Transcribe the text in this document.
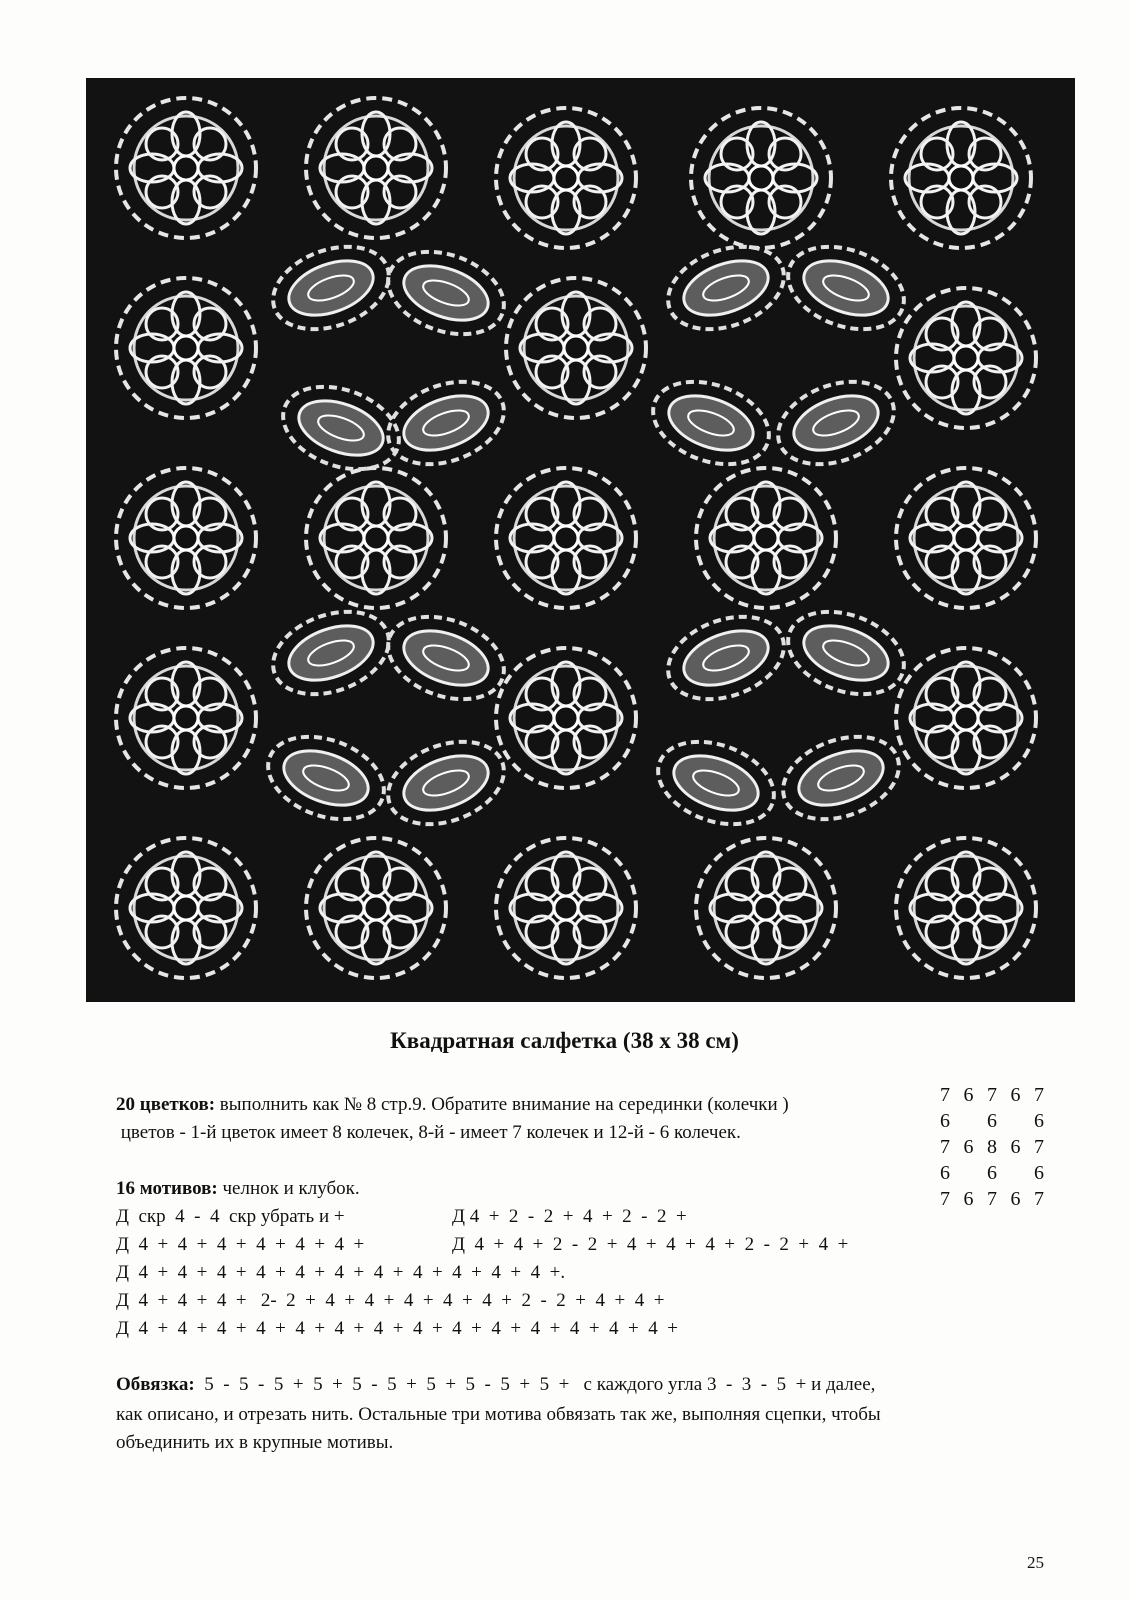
Квадратная салфетка (38 х 38 см)
20 цветков: выполнить как № 8 стр.9. Обратите внимание на серединки (колечки )
цветов - 1-й цветок имеет 8 колечек, 8-й - имеет 7 колечек и 12-й - 6 колечек.
7 6 7 6 7
6 6 6
7 6 8 6 7
6 6 6
7 6 7 6 7
16 мотивов: челнок и клубок.
Д  скр  4  -  4  скр убрать и +	Д 4  +  2  -  2  +  4  +  2  -  2  +
Д  4  +  4  +  4  +  4  +  4  +  4  +	Д  4  +  4  +  2  -  2  +  4  +  4  +  4  +  2  -  2  +  4  +
Д  4  +  4  +  4  +  4  +  4  +  4  +  4  +  4  +  4  +  4  +  4  +.
Д  4  +  4  +  4  +   2-  2  +  4  +  4  +  4  +  4  +  4  +  2  -  2  +  4  +  4  +
Д  4  +  4  +  4  +  4  +  4  +  4  +  4  +  4  +  4  +  4  +  4  +  4  +  4  +  4  +
Обвязка:  5  -  5  -  5  +  5  +  5  -  5  +  5  +  5  -  5  +  5  +   с каждого угла 3  -  3  -  5  + и далее,
как описано, и отрезать нить. Остальные три мотива обвязать так же, выполняя сцепки, чтобы
объединить их в крупные мотивы.
25
